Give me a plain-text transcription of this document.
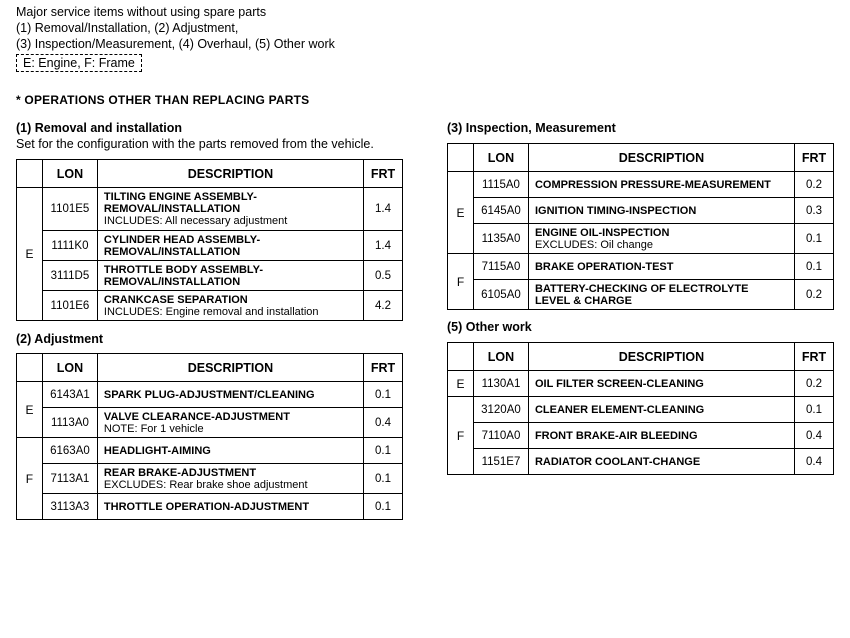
Major service items without using spare parts
(1) Removal/Installation, (2) Adjustment,
(3) Inspection/Measurement, (4) Overhaul, (5) Other work
E: Engine, F: Frame
* OPERATIONS OTHER THAN REPLACING PARTS
(1) Removal and installation
Set for the configuration with the parts removed from the vehicle.
	LON	DESCRIPTION	FRT
E	1101E5	TILTING ENGINE ASSEMBLY-
REMOVAL/INSTALLATION
INCLUDES: All necessary adjustment	1.4
	1111K0	CYLINDER HEAD ASSEMBLY-
REMOVAL/INSTALLATION	1.4
	3111D5	THROTTLE BODY ASSEMBLY-
REMOVAL/INSTALLATION	0.5
	1101E6	CRANKCASE SEPARATION
INCLUDES: Engine removal and installation	4.2
(2) Adjustment
	LON	DESCRIPTION	FRT
E	6143A1	SPARK PLUG-ADJUSTMENT/CLEANING	0.1
	1113A0	VALVE CLEARANCE-ADJUSTMENT
NOTE: For 1 vehicle	0.4
F	6163A0	HEADLIGHT-AIMING	0.1
	7113A1	REAR BRAKE-ADJUSTMENT
EXCLUDES: Rear brake shoe adjustment	0.1
	3113A3	THROTTLE OPERATION-ADJUSTMENT	0.1
(3) Inspection, Measurement
	LON	DESCRIPTION	FRT
E	1115A0	COMPRESSION PRESSURE-MEASUREMENT	0.2
	6145A0	IGNITION TIMING-INSPECTION	0.3
	1135A0	ENGINE OIL-INSPECTION
EXCLUDES: Oil change	0.1
F	7115A0	BRAKE OPERATION-TEST	0.1
	6105A0	BATTERY-CHECKING OF ELECTROLYTE
LEVEL & CHARGE	0.2
(5) Other work
	LON	DESCRIPTION	FRT
E	1130A1	OIL FILTER SCREEN-CLEANING	0.2
F	3120A0	CLEANER ELEMENT-CLEANING	0.1
	7110A0	FRONT BRAKE-AIR BLEEDING	0.4
	1151E7	RADIATOR COOLANT-CHANGE	0.4
